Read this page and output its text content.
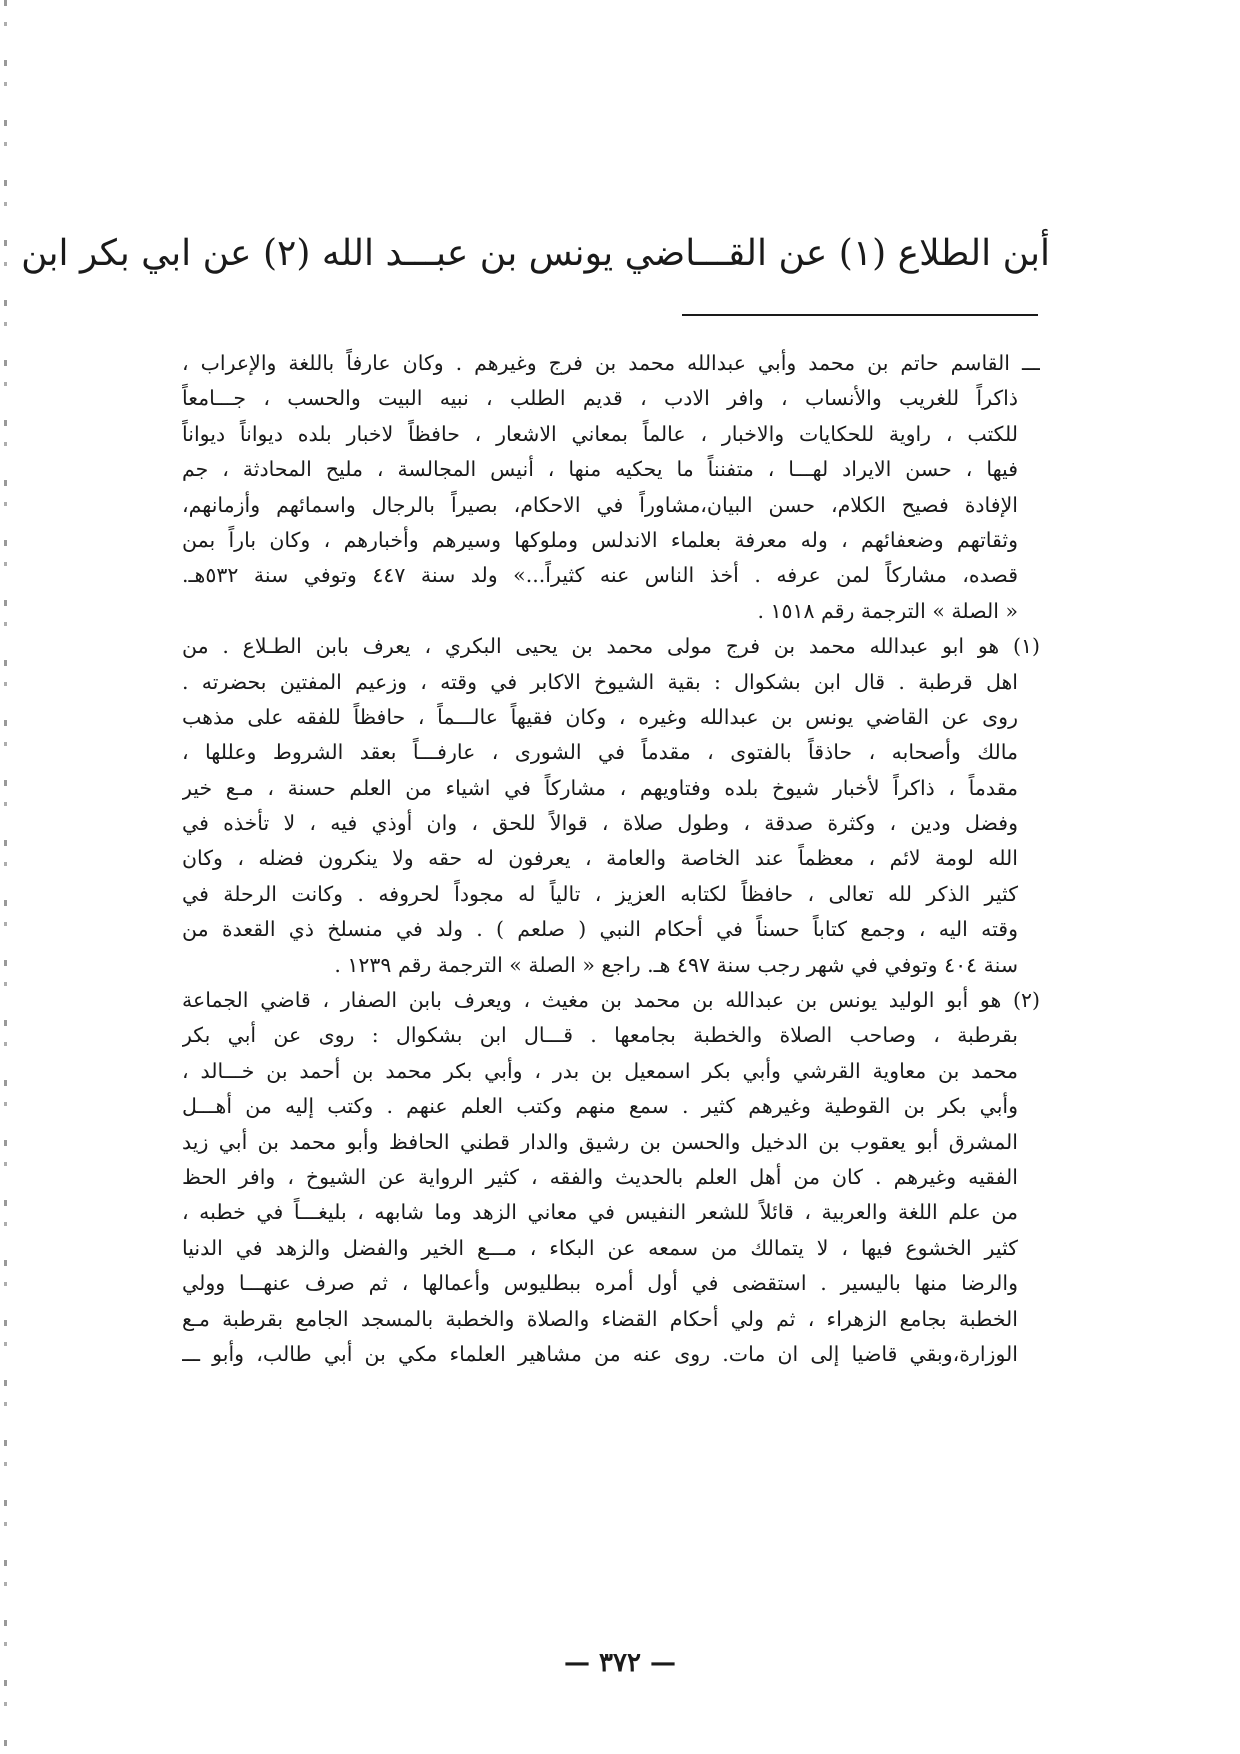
أبن الطلاع (١) عن القـــاضي يونس بن عبـــد الله (٢) عن ابي بكر ابن
ـــ القاسم حاتم بن محمد وأبي عبدالله محمد بن فرج وغيرهم . وكان عارفاً باللغة والإعراب ،
ذاكراً للغريب والأنساب ، وافر الادب ، قديم الطلب ، نبيه البيت والحسب ، جـــامعاً
للكتب ، راوية للحكايات والاخبار ، عالماً بمعاني الاشعار ، حافظاً لاخبار بلده ديواناً ديواناً
فيها ، حسن الايراد لهـــا ، متفنناً ما يحكيه منها ، أنيس المجالسة ، مليح المحادثة ، جم
الإفادة فصيح الكلام، حسن البيان،مشاوراً في الاحكام، بصيراً بالرجال واسمائهم وأزمانهم،
وثقاتهم وضعفائهم ، وله معرفة بعلماء الاندلس وملوكها وسيرهم وأخبارهم ، وكان باراً بمن
قصده، مشاركاً لمن عرفه . أخذ الناس عنه كثيراً...» ولد سنة ٤٤٧ وتوفي سنة ٥٣٢هـ.
« الصلة » الترجمة رقم ١٥١٨ .
(١) هو ابو عبدالله محمد بن فرج مولى محمد بن يحيى البكري ، يعرف بابن الطـلاع . من
اهل قرطبة . قال ابن بشكوال : بقية الشيوخ الاكابر في وقته ، وزعيم المفتين بحضرته .
روى عن القاضي يونس بن عبدالله وغيره ، وكان فقيهاً عالـــماً ، حافظاً للفقه على مذهب
مالك وأصحابه ، حاذقاً بالفتوى ، مقدماً في الشورى ، عارفـــاً بعقد الشروط وعللها ،
مقدماً ، ذاكراً لأخبار شيوخ بلده وفتاويهم ، مشاركاً في اشياء من العلم حسنة ، مـع خير
وفضل ودين ، وكثرة صدقة ، وطول صلاة ، قوالاً للحق ، وان أوذي فيه ، لا تأخذه في
الله لومة لائم ، معظماً عند الخاصة والعامة ، يعرفون له حقه ولا ينكرون فضله ، وكان
كثير الذكر لله تعالى ، حافظاً لكتابه العزيز ، تالياً له مجوداً لحروفه . وكانت الرحلة في
وقته اليه ، وجمع كتاباً حسناً في أحكام النبي ( صلعم ) . ولد في منسلخ ذي القعدة من
سنة ٤٠٤ وتوفي في شهر رجب سنة ٤٩٧ هـ. راجع « الصلة » الترجمة رقم ١٢٣٩ .
(٢) هو أبو الوليد يونس بن عبدالله بن محمد بن مغيث ، ويعرف بابن الصفار ، قاضي الجماعة
بقرطبة ، وصاحب الصلاة والخطبة بجامعها . قـــال ابن بشكوال : روى عن أبي بكر
محمد بن معاوية القرشي وأبي بكر اسمعيل بن بدر ، وأبي بكر محمد بن أحمد بن خـــالد ،
وأبي بكر بن القوطية وغيرهم كثير . سمع منهم وكتب العلم عنهم . وكتب إليه من أهـــل
المشرق أبو يعقوب بن الدخيل والحسن بن رشيق والدار قطني الحافظ وأبو محمد بن أبي زيد
الفقيه وغيرهم . كان من أهل العلم بالحديث والفقه ، كثير الرواية عن الشيوخ ، وافر الحظ
من علم اللغة والعربية ، قائلاً للشعر النفيس في معاني الزهد وما شابهه ، بليغـــاً في خطبه ،
كثير الخشوع فيها ، لا يتمالك من سمعه عن البكاء ، مـــع الخير والفضل والزهد في الدنيا
والرضا منها باليسير . استقضى في أول أمره ببطليوس وأعمالها ، ثم صرف عنهـــا وولي
الخطبة بجامع الزهراء ، ثم ولي أحكام القضاء والصلاة والخطبة بالمسجد الجامع بقرطبة مـع
الوزارة،وبقي قاضيا إلى ان مات. روى عنه من مشاهير العلماء مكي بن أبي طالب، وأبو ـــ
— ٣٧٢ —
